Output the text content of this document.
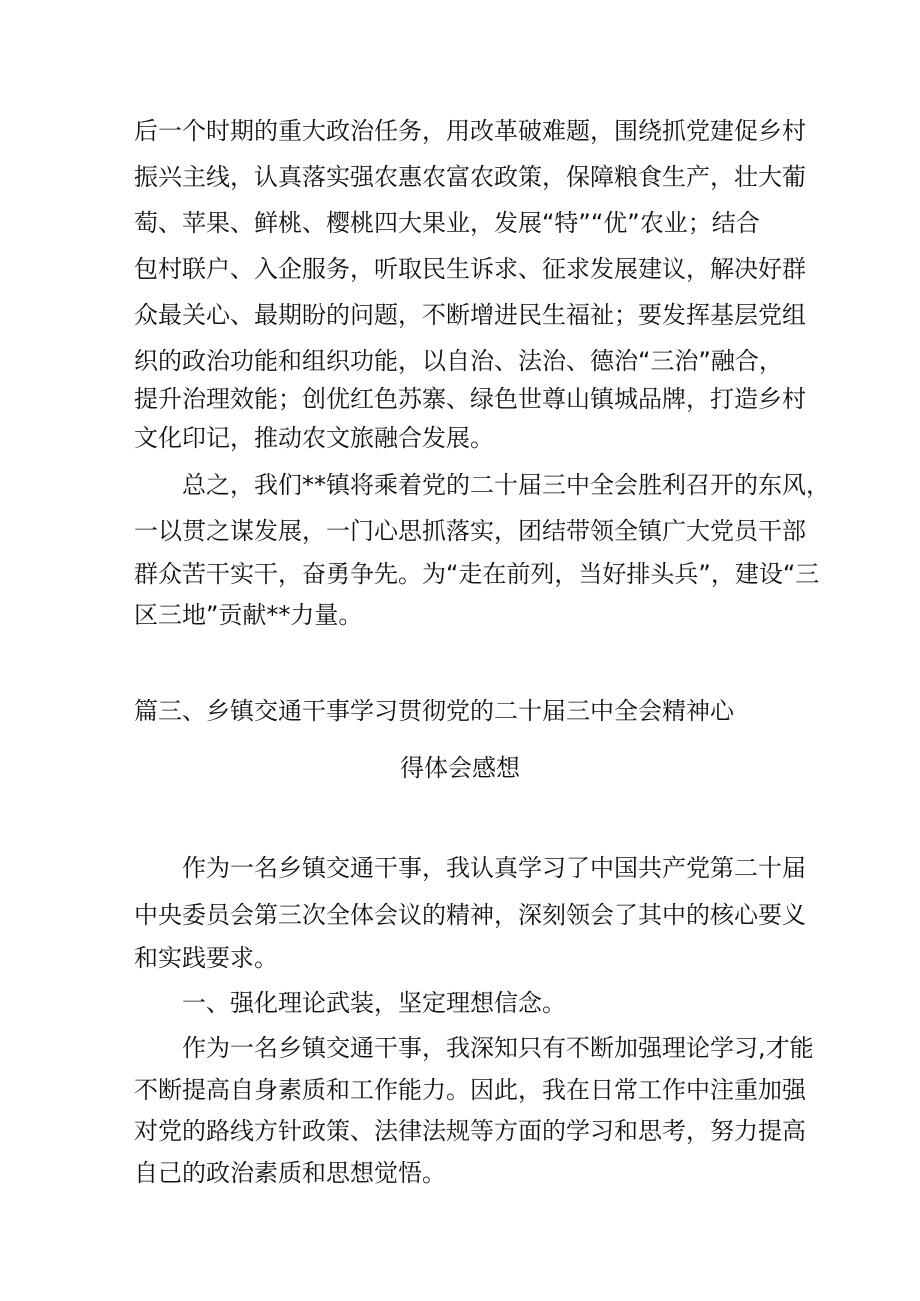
后一个时期的重大政治任务，用改革破难题，围绕抓党建促乡村
振兴主线，认真落实强农惠农富农政策，保障粮食生产，壮大葡
萄、苹果、鲜桃、樱桃四大果业，发展“特”“优”农业；结合
包村联户、入企服务，听取民生诉求、征求发展建议，解决好群
众最关心、最期盼的问题，不断增进民生福祉；要发挥基层党组
织的政治功能和组织功能，以自治、法治、德治“三治”融合，
提升治理效能；创优红色苏寨、绿色世尊山镇城品牌，打造乡村
文化印记，推动农文旅融合发展。
总之，我们**镇将乘着党的二十届三中全会胜利召开的东风，
一以贯之谋发展，一门心思抓落实，团结带领全镇广大党员干部
群众苦干实干，奋勇争先。为“走在前列，当好排头兵”，建设“三
区三地”贡献**力量。
篇三、乡镇交通干事学习贯彻党的二十届三中全会精神心
得体会感想
作为一名乡镇交通干事，我认真学习了中国共产党第二十届
中央委员会第三次全体会议的精神，深刻领会了其中的核心要义
和实践要求。
一、强化理论武装，坚定理想信念。
作为一名乡镇交通干事，我深知只有不断加强理论学习,才能
不断提高自身素质和工作能力。因此，我在日常工作中注重加强
对党的路线方针政策、法律法规等方面的学习和思考，努力提高
自己的政治素质和思想觉悟。
